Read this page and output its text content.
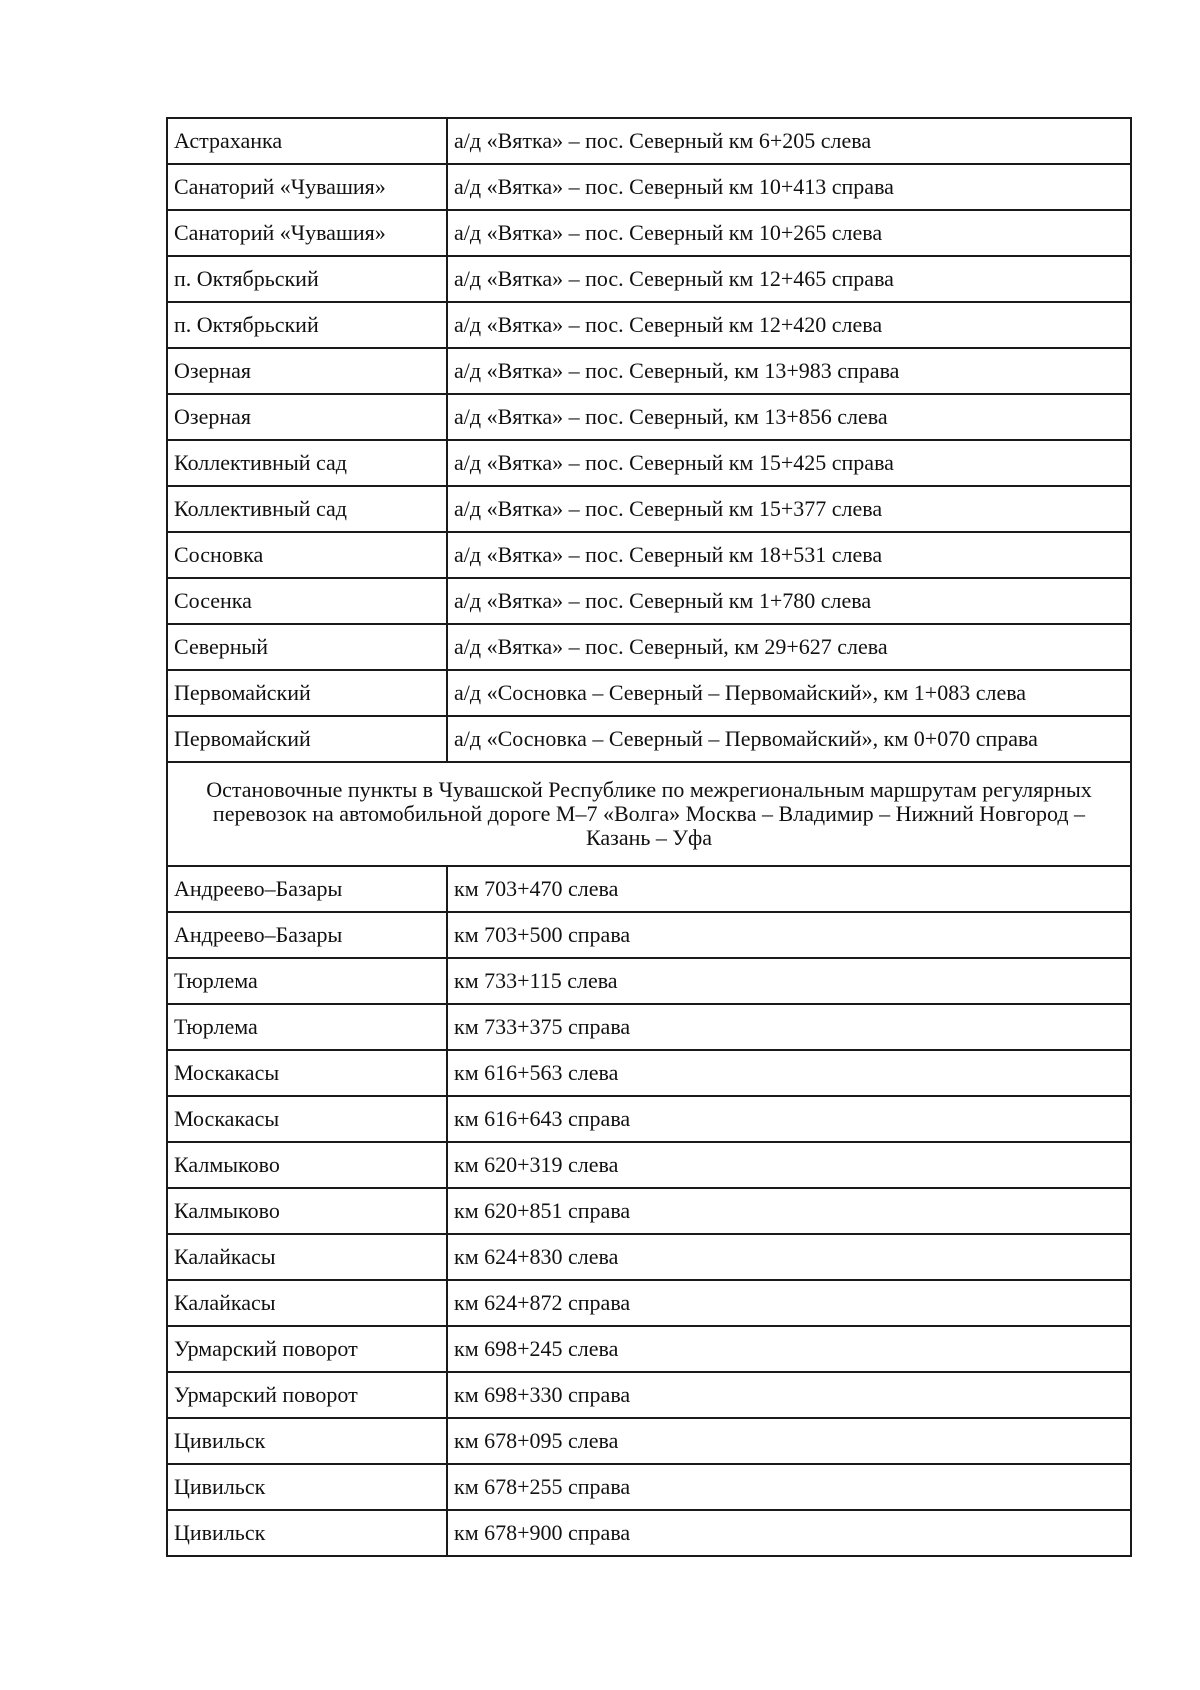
Астраханка	а/д «Вятка» – пос. Северный км 6+205 слева
Санаторий «Чувашия»	а/д «Вятка» – пос. Северный км 10+413 справа
Санаторий «Чувашия»	а/д «Вятка» – пос. Северный км 10+265 слева
п. Октябрьский	а/д «Вятка» – пос. Северный км 12+465 справа
п. Октябрьский	а/д «Вятка» – пос. Северный км 12+420 слева
Озерная	а/д «Вятка» – пос. Северный, км 13+983 справа
Озерная	а/д «Вятка» – пос. Северный, км 13+856 слева
Коллективный сад	а/д «Вятка» – пос. Северный км 15+425 справа
Коллективный сад	а/д «Вятка» – пос. Северный км 15+377 слева
Сосновка	а/д «Вятка» – пос. Северный км 18+531 слева
Сосенка	а/д «Вятка» – пос. Северный км 1+780 слева
Северный	а/д «Вятка» – пос. Северный, км 29+627 слева
Первомайский	а/д «Сосновка – Северный – Первомайский», км 1+083 слева
Первомайский	а/д «Сосновка – Северный – Первомайский», км 0+070 справа
Остановочные пункты в Чувашской Республике по межрегиональным маршрутам регулярных перевозок на автомобильной дороге М–7 «Волга» Москва – Владимир – Нижний Новгород – Казань – Уфа	
Андреево–Базары	км 703+470 слева
Андреево–Базары	км 703+500 справа
Тюрлема	км 733+115 слева
Тюрлема	км 733+375 справа
Москакасы	км 616+563 слева
Москакасы	км 616+643 справа
Калмыково	км 620+319 слева
Калмыково	км 620+851 справа
Калайкасы	км 624+830 слева
Калайкасы	км 624+872 справа
Урмарский поворот	км 698+245 слева
Урмарский поворот	км 698+330 справа
Цивильск	км 678+095 слева
Цивильск	км 678+255 справа
Цивильск	км 678+900 справа
